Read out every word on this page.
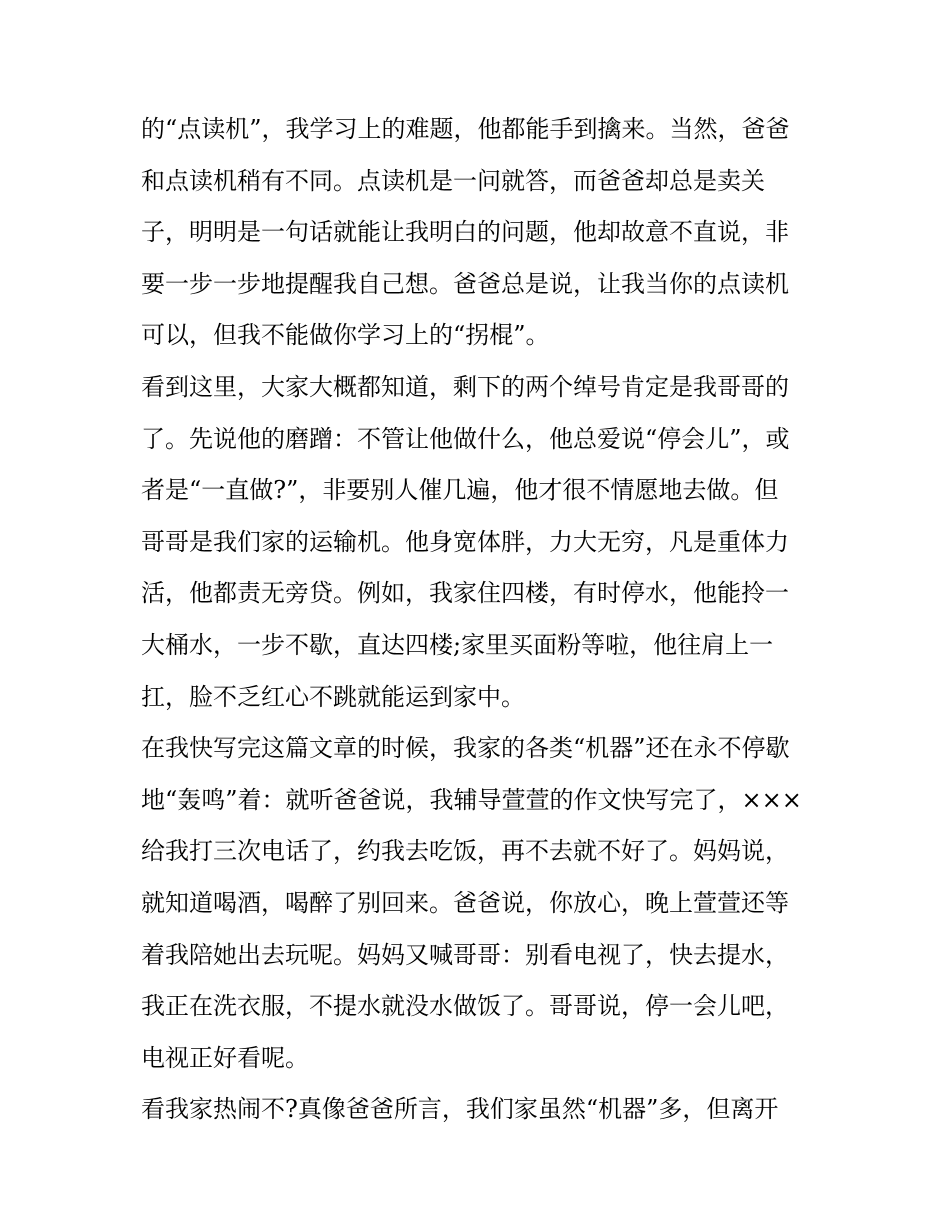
的“点读机”，我学习上的难题，他都能手到擒来。当然，爸爸

和点读机稍有不同。点读机是一问就答，而爸爸却总是卖关

子，明明是一句话就能让我明白的问题，他却故意不直说，非

要一步一步地提醒我自己想。爸爸总是说，让我当你的点读机

可以，但我不能做你学习上的“拐棍”。

看到这里，大家大概都知道，剩下的两个绰号肯定是我哥哥的

了。先说他的磨蹭：不管让他做什么，他总爱说“停会儿”，或

者是“一直做?”，非要别人催几遍，他才很不情愿地去做。但

哥哥是我们家的运输机。他身宽体胖，力大无穷，凡是重体力

活，他都责无旁贷。例如，我家住四楼，有时停水，他能拎一

大桶水，一步不歇，直达四楼;家里买面粉等啦，他往肩上一

扛，脸不乏红心不跳就能运到家中。

在我快写完这篇文章的时候，我家的各类“机器”还在永不停歇

地“轰鸣”着：就听爸爸说，我辅导萱萱的作文快写完了，×××

给我打三次电话了，约我去吃饭，再不去就不好了。妈妈说，

就知道喝酒，喝醉了别回来。爸爸说，你放心，晚上萱萱还等

着我陪她出去玩呢。妈妈又喊哥哥：别看电视了，快去提水，

我正在洗衣服，不提水就没水做饭了。哥哥说，停一会儿吧，

电视正好看呢。

看我家热闹不?真像爸爸所言，我们家虽然“机器”多，但离开
